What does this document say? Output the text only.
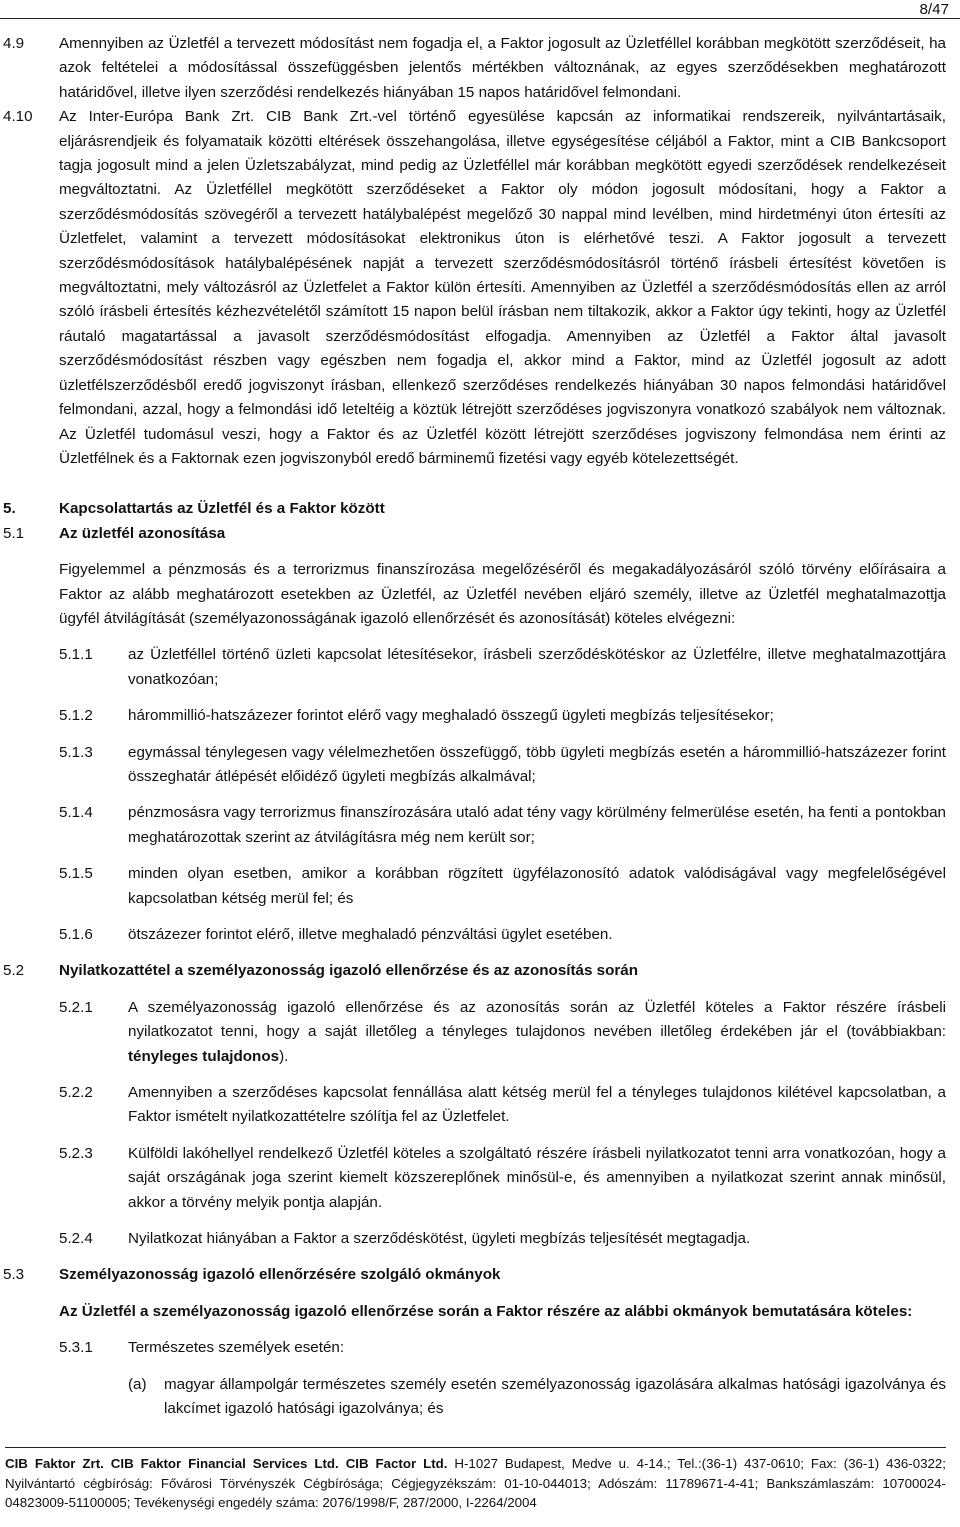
8/47
4.9 Amennyiben az Üzletfél a tervezett módosítást nem fogadja el, a Faktor jogosult az Üzletféllel korábban megkötött szerződéseit, ha azok feltételei a módosítással összefüggésben jelentős mértékben változnának, az egyes szerződésekben meghatározott határidővel, illetve ilyen szerződési rendelkezés hiányában 15 napos határidővel felmondani.

4.10 Az Inter-Európa Bank Zrt. CIB Bank Zrt.-vel történő egyesülése kapcsán az informatikai rendszereik, nyilvántartásaik, eljárásrendjeik és folyamataik közötti eltérések összehangolása, illetve egységesítése céljából a Faktor, mint a CIB Bankcsoport tagja jogosult mind a jelen Üzletszabályzat, mind pedig az Üzletféllel már korábban megkötött egyedi szerződések rendelkezéseit megváltoztatni. Az Üzletféllel megkötött szerződéseket a Faktor oly módon jogosult módosítani, hogy a Faktor a szerződésmódosítás szövegéről a tervezett hatálybalépést megelőző 30 nappal mind levélben, mind hirdetményi úton értesíti az Üzletfelet, valamint a tervezett módosításokat elektronikus úton is elérhetővé teszi. A Faktor jogosult a tervezett szerződésmódosítások hatálybalépésének napját a tervezett szerződésmódosításról történő írásbeli értesítést követően is megváltoztatni, mely változásról az Üzletfelet a Faktor külön értesíti. Amennyiben az Üzletfél a szerződésmódosítás ellen az arról szóló írásbeli értesítés kézhezvételétől számított 15 napon belül írásban nem tiltakozik, akkor a Faktor úgy tekinti, hogy az Üzletfél ráutaló magatartással a javasolt szerződésmódosítást elfogadja. Amennyiben az Üzletfél a Faktor által javasolt szerződésmódosítást részben vagy egészben nem fogadja el, akkor mind a Faktor, mind az Üzletfél jogosult az adott üzletfélszerződésből eredő jogviszonyt írásban, ellenkező szerződéses rendelkezés hiányában 30 napos felmondási határidővel felmondani, azzal, hogy a felmondási idő leteltéig a köztük létrejött szerződéses jogviszonyra vonatkozó szabályok nem változnak. Az Üzletfél tudomásul veszi, hogy a Faktor és az Üzletfél között létrejött szerződéses jogviszony felmondása nem érinti az Üzletfélnek és a Faktornak ezen jogviszonyból eredő bárminemű fizetési vagy egyéb kötelezettségét.

5.	Kapcsolattartás az Üzletfél és a Faktor között
5.1 Az üzletfél azonosítása

Figyelemmel a pénzmosás és a terrorizmus finanszírozása megelőzéséről és megakadályozásáról szóló törvény előírásaira a Faktor az alább meghatározott esetekben az Üzletfél, az Üzletfél nevében eljáró személy, illetve az Üzletfél meghatalmazottja ügyfél átvilágítását (személyazonosságának igazoló ellenőrzését és azonosítását) köteles elvégezni:

5.1.1 az Üzletféllel történő üzleti kapcsolat létesítésekor, írásbeli szerződéskötéskor az Üzletfélre, illetve meghatalmazottjára vonatkozóan;
5.1.2 hárommillió-hatszázezer forintot elérő vagy meghaladó összegű ügyleti megbízás teljesítésekor;
5.1.3 egymással ténylegesen vagy vélelmezhetően összefüggő, több ügyleti megbízás esetén a hárommillió-hatszázezer forint összeghatár átlépését előidéző ügyleti megbízás alkalmával;
5.1.4 pénzmosásra vagy terrorizmus finanszírozására utaló adat tény vagy körülmény felmerülése esetén, ha fenti a pontokban meghatározottak szerint az átvilágításra még nem került sor;
5.1.5 minden olyan esetben, amikor a korábban rögzített ügyfélazonosító adatok valódiságával vagy megfelelőségével kapcsolatban kétség merül fel; és
5.1.6 ötszázezer forintot elérő, illetve meghaladó pénzváltási ügylet esetében.
5.2 Nyilatkozattétel a személyazonosság igazoló ellenőrzése és az azonosítás során
5.2.1 A személyazonosság igazoló ellenőrzése és az azonosítás során az Üzletfél köteles a Faktor részére írásbeli nyilatkozatot tenni, hogy a saját illetőleg a tényleges tulajdonos nevében illetőleg érdekében jár el (továbbiakban: tényleges tulajdonos).
5.2.2 Amennyiben a szerződéses kapcsolat fennállása alatt kétség merül fel a tényleges tulajdonos kilétével kapcsolatban, a Faktor ismételt nyilatkozattételre szólítja fel az Üzletfelet.
5.2.3 Külföldi lakóhellyel rendelkező Üzletfél köteles a szolgáltató részére írásbeli nyilatkozatot tenni arra vonatkozóan, hogy a saját országának joga szerint kiemelt közszereplőnek minősül-e, és amennyiben a nyilatkozat szerint annak minősül, akkor a törvény melyik pontja alapján.
5.2.4 Nyilatkozat hiányában a Faktor a szerződéskötést, ügyleti megbízás teljesítését megtagadja.
5.3 Személyazonosság igazoló ellenőrzésére szolgáló okmányok

Az Üzletfél a személyazonosság igazoló ellenőrzése során a Faktor részére az alábbi okmányok bemutatására köteles:

5.3.1 Természetes személyek esetén:
(a) magyar állampolgár természetes személy esetén személyazonosság igazolására alkalmas hatósági igazolványa és lakcímet igazoló hatósági igazolványa; és
CIB Faktor Zrt. CIB Faktor Financial Services Ltd. CIB Factor Ltd. H-1027 Budapest, Medve u. 4-14.; Tel.:(36-1) 437-0610; Fax: (36-1) 436-0322; Nyilvántartó cégbíróság: Fővárosi Törvényszék Cégbírósága; Cégjegyzékszám: 01-10-044013; Adószám: 11789671-4-41; Bankszámlaszám: 10700024-04823009-51100005; Tevékenységi engedély száma: 2076/1998/F, 287/2000, I-2264/2004
